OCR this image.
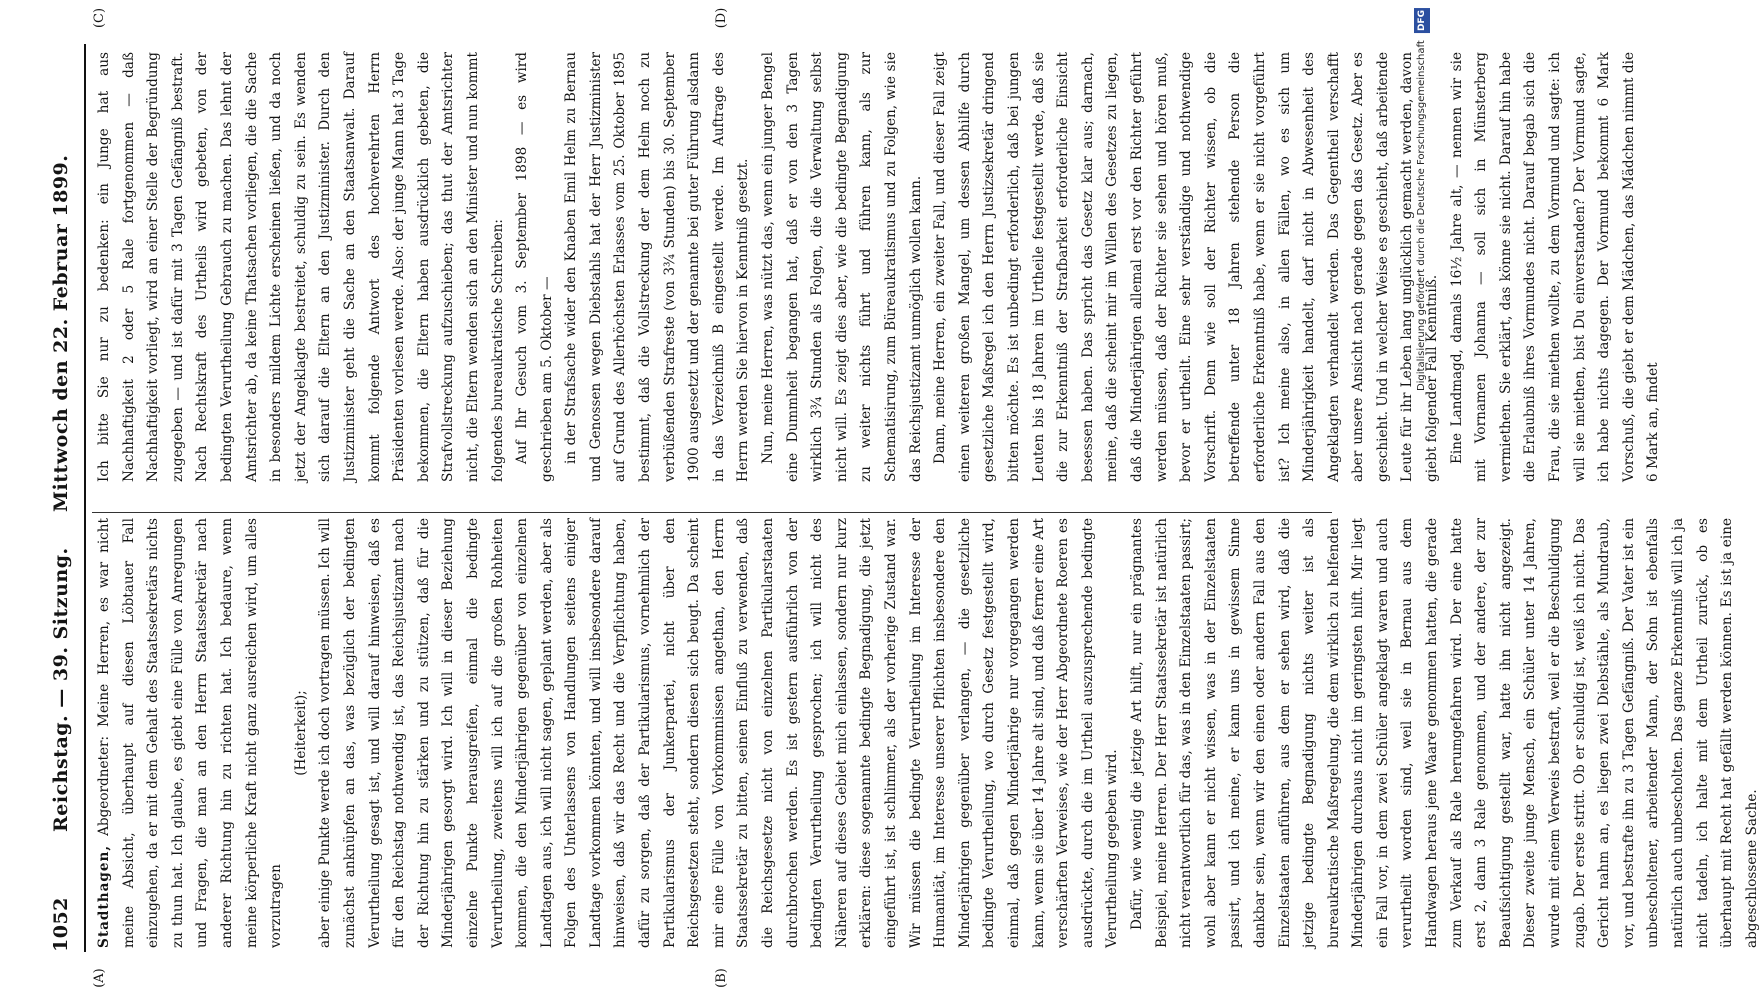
1052
Reichstag. — 39. Sitzung.
Mittwoch den 22. Februar 1899.
(A)	(B)
(C)	(D)

Stadthagen, Abgeordneter: Meine Herren, es war nicht meine Absicht, überhaupt auf diesen Löbtauer Fall einzugehen, da er mit dem Gehalt des Staatssekretärs nichts zu thun hat. Ich glaube, es giebt eine Fülle von Anregungen und Fragen, die man an den Herrn Staatssekretär nach anderer Richtung hin zu richten hat. Ich bedaure, wenn meine körperliche Kraft nicht ganz ausreichen wird, um alles vorzutragen

(Heiterkeit); aber einige Punkte werde ich doch vortragen müssen. Ich will zunächst anknüpfen an das, was bezüglich der bedingten Verurtheilung gesagt ist, und will darauf hinweisen, daß es für den Reichstag nothwendig ist, das Reichsjustizamt nach der Richtung hin zu stärken und zu stützen, daß für die Minderjährigen gesorgt wird. Ich will in dieser Beziehung einzelne Punkte herausgreifen, einmal die bedingte Verurtheilung, zweitens will ich auf die großen Rohheiten kommen, die den Minderjährigen gegenüber von einzelnen Landtagen aus, ich will nicht sagen, geplant werden, aber als Folgen des Unterlassens von Handlungen seitens einiger Landtage vorkommen könnten, und will insbesondere darauf hinweisen, daß wir das Recht und die Verpflichtung haben, dafür zu sorgen, daß der Partikularismus, vornehmlich der Partikularismus der Junkerpartei, nicht über den Reichsgesetzen steht, sondern diesen sich beugt. Da scheint mir eine Fülle von Vorkommnissen angethan, den Herrn Staatssekretär zu bitten, seinen Einfluß zu verwenden, daß die Reichsgesetze nicht von einzelnen Partikularstaaten durchbrochen werden. Es ist gestern ausführlich von der bedingten Verurtheilung gesprochen; ich will nicht des Näheren auf dieses Gebiet mich einlassen, sondern nur kurz erklären: diese sogenannte bedingte Begnadigung, die jetzt eingeführt ist, ist schlimmer, als der vorherige Zustand war. Wir müssen die bedingte Verurtheilung im Interesse der Humanität, im Interesse unserer Pflichten insbesondere den Minderjährigen gegenüber verlangen, — die gesetzliche bedingte Verurtheilung, wo durch Gesetz festgestellt wird, einmal, daß gegen Minderjährige nur vorgegangen werden kann, wenn sie über 14 Jahre alt sind, und daß ferner eine Art verschärften Verweises, wie der Herr Abgeordnete Roeren es ausdrückte, durch die im Urtheil auszusprechende bedingte Verurtheilung gegeben wird. Dafür, wie wenig die jetzige Art hilft, nur ein prägnantes Beispiel, meine Herren. Der Herr Staatssekretär ist natürlich nicht verantwortlich für das, was in den Einzelstaaten passirt; wohl aber kann er nicht wissen, was in der Einzelstaaten passirt, und ich meine, er kann uns in gewissem Sinne dankbar sein, wenn wir den einen oder andern Fall aus den Einzelstaaten anführen, aus dem er sehen wird, daß die jetzige bedingte Begnadigung nichts weiter ist als bureaukratische Maßregelung, die dem wirklich zu helfenden Minderjährigen durchaus nicht im geringsten hilft. Mir liegt ein Fall vor, in dem zwei Schüler angeklagt waren und auch verurtheilt worden sind, weil sie in Bernau aus dem Handwagen heraus jene Waare genommen hatten, die gerade zum Verkauf als Rale herumgefahren wird. Der eine hatte erst 2, dann 3 Rale genommen, und der andere, der zur Beaufsichtigung gestellt war, hatte ihn nicht angezeigt. Dieser zweite junge Mensch, ein Schüler unter 14 Jahren, wurde mit einem Verweis bestraft, weil er die Beschuldigung zugab. Der erste stritt. Ob er schuldig ist, weiß ich nicht. Das Gericht nahm an, es liegen zwei Diebstähle, als Mundraub, vor, und bestrafte ihn zu 3 Tagen Gefängniß. Der Vater ist ein unbescholtener, arbeitender Mann, der Sohn ist ebenfalls natürlich auch unbescholten. Das ganze Erkenntniß will ich ja nicht tadeln, ich halte mit dem Urtheil zurück, ob es überhaupt mit Recht hat gefällt werden können. Es ist ja eine abgeschlossene Sache.

Ich bitte Sie nur zu bedenken: ein Junge hat aus Nachhaftigkeit 2 oder 5 Rale fortgenommen — daß Nachhaftigkeit vorliegt, wird an einer Stelle der Begründung zugegeben — und ist dafür mit 3 Tagen Gefängniß bestraft. Nach Rechtskraft des Urtheils wird gebeten, von der bedingten Verurtheilung Gebrauch zu machen. Das lehnt der Amtsrichter ab, da keine Thatsachen vorliegen, die die Sache in besonders mildem Lichte erscheinen ließen, und da noch jetzt der Angeklagte bestreitet, schuldig zu sein. Es wenden sich darauf die Eltern an den Justizminister. Durch den Justizminister geht die Sache an den Staatsanwalt. Darauf kommt folgende Antwort des hochverehrten Herrn Präsidenten vorlesen werde. Also: der junge Mann hat 3 Tage bekommen, die Eltern haben ausdrücklich gebeten, die Strafvollstreckung aufzuschieben; das thut der Amtsrichter nicht, die Eltern wenden sich an den Minister und nun kommt folgendes bureaukratische Schreiben: Auf Ihr Gesuch vom 3. September 1898 — es wird geschrieben am 5. Oktober — in der Strafsache wider den Knaben Emil Helm zu Bernau und Genossen wegen Diebstahls hat der Herr Justizminister auf Grund des Allerhöchsten Erlasses vom 25. Oktober 1895 bestimmt, daß die Vollstreckung der dem Helm noch zu verbüßenden Strafreste (von 3¾ Stunden) bis 30. September 1900 ausgesetzt und der genannte bei guter Führung alsdann in das Verzeichniß B eingestellt werde. Im Auftrage des Herrn werden Sie hiervon in Kenntniß gesetzt. Nun, meine Herren, was nützt das, wenn ein junger Bengel eine Dummheit begangen hat, daß er von den 3 Tagen wirklich 3¾ Stunden als Folgen, die die Verwaltung selbst nicht will. Es zeigt dies aber, wie die bedingte Begnadigung zu weiter nichts führt und führen kann, als zur Schematisirung, zum Büreaukratismus und zu Folgen, wie sie das Reichsjustizamt unmöglich wollen kann. Dann, meine Herren, ein zweiter Fall, und dieser Fall zeigt einen weiteren großen Mangel, um dessen Abhilfe durch gesetzliche Maßregel ich den Herrn Justizsekretär dringend bitten möchte. Es ist unbedingt erforderlich, daß bei jungen Leuten bis 18 Jahren im Urtheile festgestellt werde, daß sie die zur Erkenntniß der Strafbarkeit erforderliche Einsicht besessen haben. Das spricht das Gesetz klar aus; darnach, meine, daß die scheint mir im Willen des Gesetzes zu liegen, daß die Minderjährigen allemal erst vor den Richter geführt werden müssen, daß der Richter sie sehen und hören muß, bevor er urtheilt. Eine sehr verständige und nothwendige Vorschrift. Denn wie soll der Richter wissen, ob die betreffende unter 18 Jahren stehende Person die erforderliche Erkenntniß habe, wenn er sie nicht vorgeführt ist? Ich meine also, in allen Fällen, wo es sich um Minderjährigkeit handelt, darf nicht in Abwesenheit des Angeklagten verhandelt werden. Das Gegentheil verschafft aber unsere Ansicht nach gerade gegen das Gesetz. Aber es geschieht. Und in welcher Weise es geschieht, daß arbeitende Leute für ihr Leben lang unglücklich gemacht werden, davon giebt folgender Fall Kenntniß. Eine Landmagd, damals 16½ Jahre alt, — nennen wir sie mit Vornamen Johanna — soll sich in Münsterberg vermiethen. Sie erklärt, das könne sie nicht. Darauf hin habe die Erlaubniß ihres Vormundes nicht. Darauf begab sich die Frau, die sie miethen wollte, zu dem Vormund und sagte: ich will sie miethen, bist Du einverstanden? Der Vormund sagte, ich habe nichts dagegen. Der Vormund bekommt 6 Mark Vorschuß, die giebt er dem Mädchen, das Mädchen nimmt die 6 Mark an, findet

Digitalisierung gefördert durch die Deutsche Forschungsgemeinschaft DFG
